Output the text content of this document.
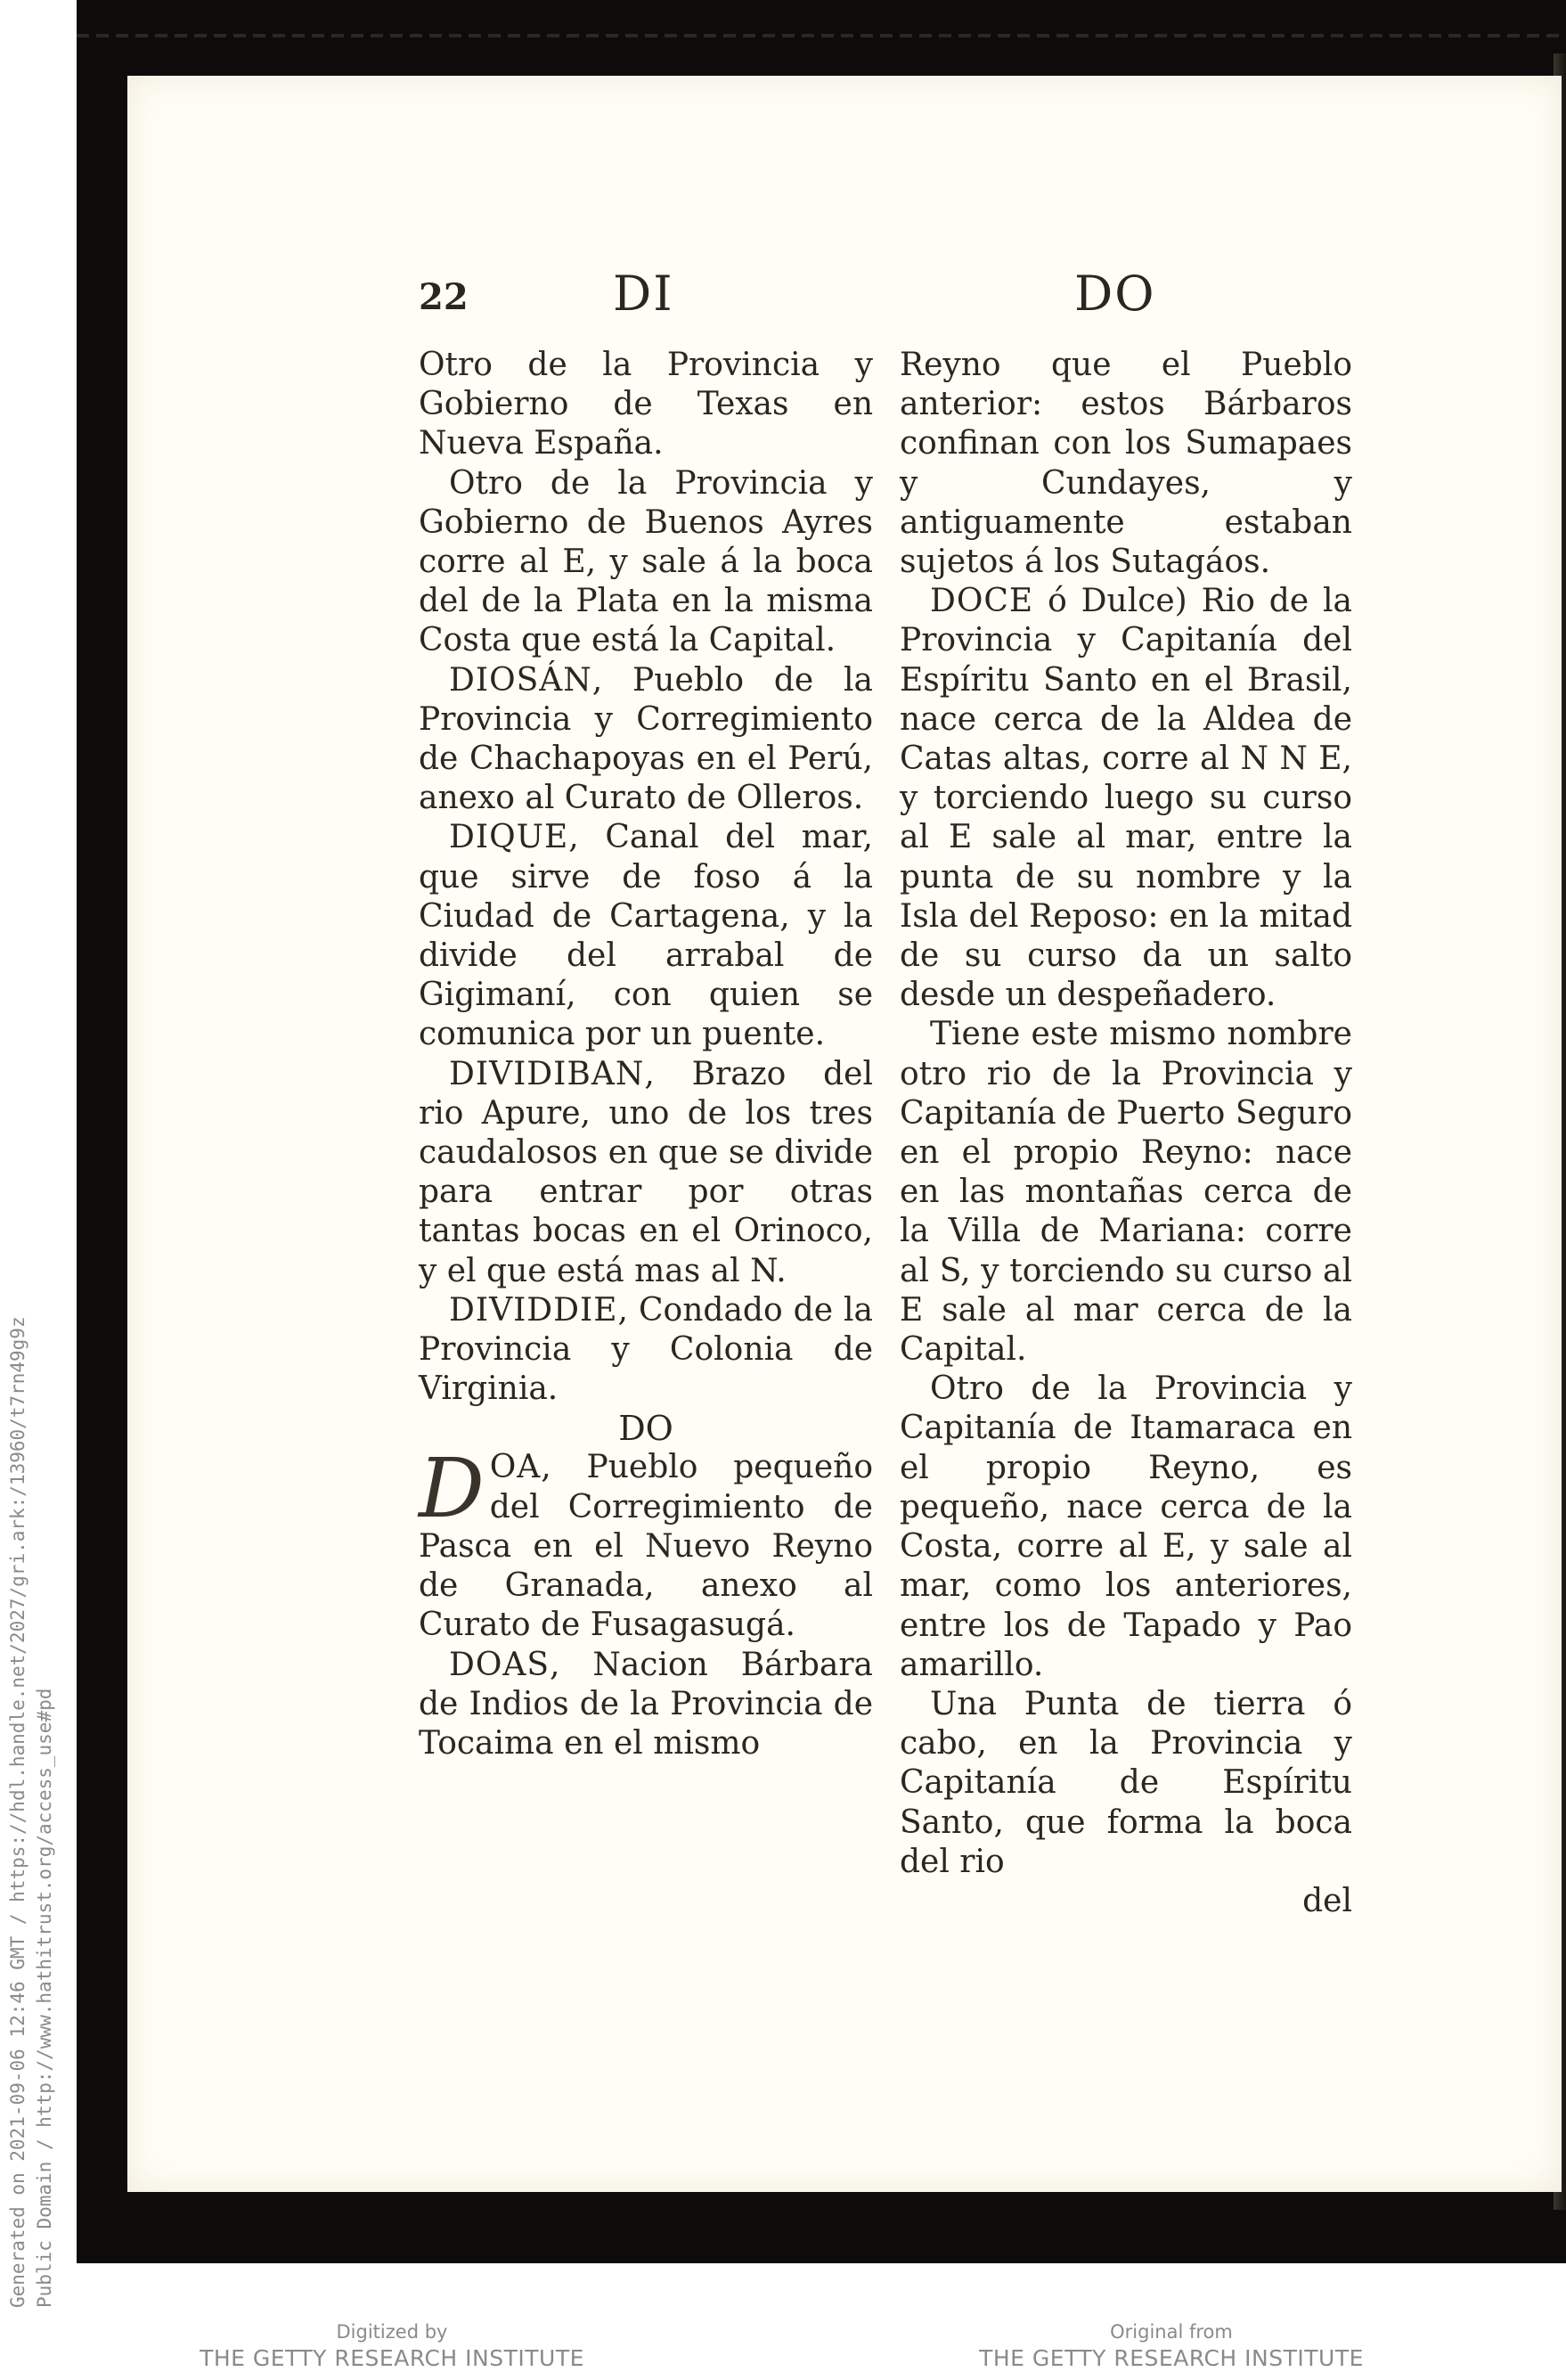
22	DI	DO

Otro de la Provincia y Gobierno de Texas en Nueva España.

Otro de la Provincia y Gobierno de Buenos Ayres corre al E, y sale á la boca del de la Plata en la misma Costa que está la Capital.

DIOSÁN, Pueblo de la Provincia y Corregimiento de Chachapoyas en el Perú, anexo al Curato de Olleros.

DIQUE, Canal del mar, que sirve de foso á la Ciudad de Cartagena, y la divide del arrabal de Gigimaní, con quien se comunica por un puente.

DIVIDIBAN, Brazo del rio Apure, uno de los tres caudalosos en que se divide para entrar por otras tantas bocas en el Orinoco, y el que está mas al N.

DIVIDDIE, Condado de la Provincia y Colonia de Virginia.

DO

DOA, Pueblo pequeño del Corregimiento de Pasca en el Nuevo Reyno de Granada, anexo al Curato de Fusagasugá.

DOAS, Nacion Bárbara de Indios de la Provincia de Tocaima en el mismo

Reyno que el Pueblo anterior: estos Bárbaros confinan con los Sumapaes y Cundayes, y antiguamente estaban sujetos á los Sutagáos.

DOCE ó Dulce) Rio de la Provincia y Capitanía del Espíritu Santo en el Brasil, nace cerca de la Aldea de Catas altas, corre al N N E, y torciendo luego su curso al E sale al mar, entre la punta de su nombre y la Isla del Reposo: en la mitad de su curso da un salto desde un despeñadero.

Tiene este mismo nombre otro rio de la Provincia y Capitanía de Puerto Seguro en el propio Reyno: nace en las montañas cerca de la Villa de Mariana: corre al S, y torciendo su curso al E sale al mar cerca de la Capital.

Otro de la Provincia y Capitanía de Itamaraca en el propio Reyno, es pequeño, nace cerca de la Costa, corre al E, y sale al mar, como los anteriores, entre los de Tapado y Pao amarillo.

Una Punta de tierra ó cabo, en la Provincia y Capitanía de Espíritu Santo, que forma la boca del rio

del

Generated on 2021-09-06 12:46 GMT / https://hdl.handle.net/2027/gri.ark:/13960/t7rn49g9z Public Domain / http://www.hathitrust.org/access_use#pd
Digitized by
THE GETTY RESEARCH INSTITUTE
Original from
THE GETTY RESEARCH INSTITUTE
